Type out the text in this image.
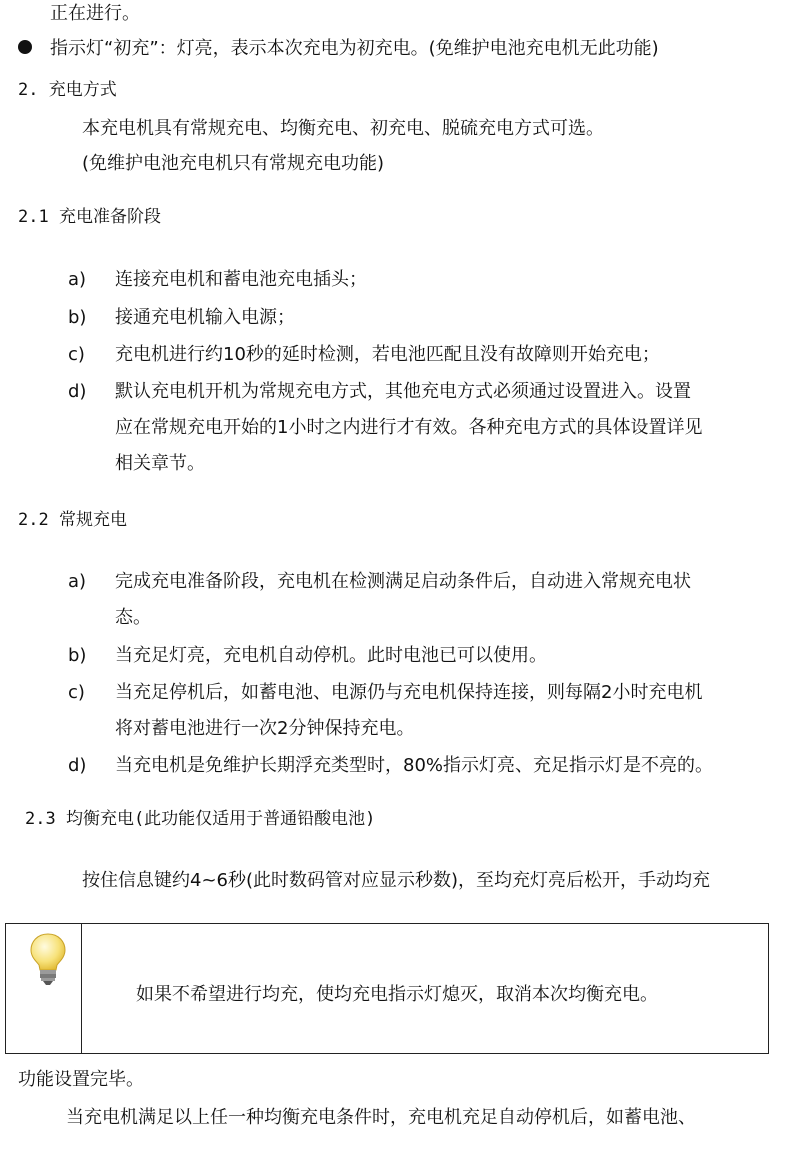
正在进行。
指示灯“初充”：灯亮，表示本次充电为初充电。(免维护电池充电机无此功能)
2. 充电方式
本充电机具有常规充电、均衡充电、初充电、脱硫充电方式可选。
(免维护电池充电机只有常规充电功能)
2.1 充电准备阶段
a) 连接充电机和蓄电池充电插头；
b) 接通充电机输入电源；
c) 充电机进行约10秒的延时检测，若电池匹配且没有故障则开始充电；
d) 默认充电机开机为常规充电方式，其他充电方式必须通过设置进入。设置
应在常规充电开始的1小时之内进行才有效。各种充电方式的具体设置详见
相关章节。
2.2 常规充电
a) 完成充电准备阶段，充电机在检测满足启动条件后，自动进入常规充电状
态。
b) 当充足灯亮，充电机自动停机。此时电池已可以使用。
c) 当充足停机后，如蓄电池、电源仍与充电机保持连接，则每隔2小时充电机
将对蓄电池进行一次2分钟保持充电。
d) 当充电机是免维护长期浮充类型时，80%指示灯亮、充足指示灯是不亮的。
2.3 均衡充电(此功能仅适用于普通铅酸电池)
按住信息键约4~6秒(此时数码管对应显示秒数)，至均充灯亮后松开，手动均充
如果不希望进行均充，使均充电指示灯熄灭，取消本次均衡充电。
功能设置完毕。
当充电机满足以上任一种均衡充电条件时，充电机充足自动停机后，如蓄电池、
